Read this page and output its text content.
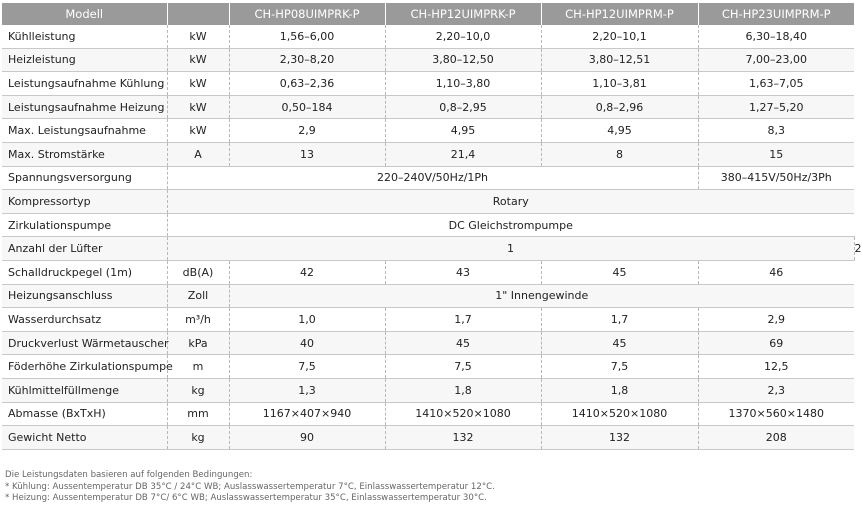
Modell		CH-HP08UIMPRK-P	CH-HP12UIMPRK-P	CH-HP12UIMPRM-P	CH-HP23UIMPRM-P	
Kühlleistung	kW	1,56–6,00	2,20–10,0	2,20–10,1	6,30–18,40	
Heizleistung	kW	2,30–8,20	3,80–12,50	3,80–12,51	7,00–23,00	
Leistungsaufnahme Kühlung	kW	0,63–2,36	1,10–3,80	1,10–3,81	1,63–7,05	
Leistungsaufnahme Heizung	kW	0,50–184	0,8–2,95	0,8–2,96	1,27–5,20	
Max. Leistungsaufnahme	kW	2,9	4,95	4,95	8,3	
Max. Stromstärke	A	13	21,4	8	15	
Spannungsversorgung	220–240V/50Hz/1Ph				380–415V/50Hz/3Ph	
Kompressortyp	Rotary					
Zirkulationspumpe	DC Gleichstrompumpe					
Anzahl der Lüfter	1					2
Schalldruckpegel (1m)	dB(A)	42	43	45	46	
Heizungsanschluss	Zoll	1" Innengewinde				
Wasserdurchsatz	m³/h	1,0	1,7	1,7	2,9	
Druckverlust Wärmetauscher	kPa	40	45	45	69	
Föderhöhe Zirkulationspumpe	m	7,5	7,5	7,5	12,5	
Kühlmittelfüllmenge	kg	1,3	1,8	1,8	2,3	
Abmasse (BxTxH)	mm	1167×407×940	1410×520×1080	1410×520×1080	1370×560×1480	
Gewicht Netto	kg	90	132	132	208	
Die Leistungsdaten basieren auf folgenden Bedingungen:
* Kühlung: Aussentemperatur DB 35°C / 24°C WB; Auslasswassertemperatur 7°C, Einlasswassertemperatur 12°C.
* Heizung: Aussentemperatur DB 7°C/ 6°C WB; Auslasswassertemperatur 35°C, Einlasswassertemperatur 30°C.
